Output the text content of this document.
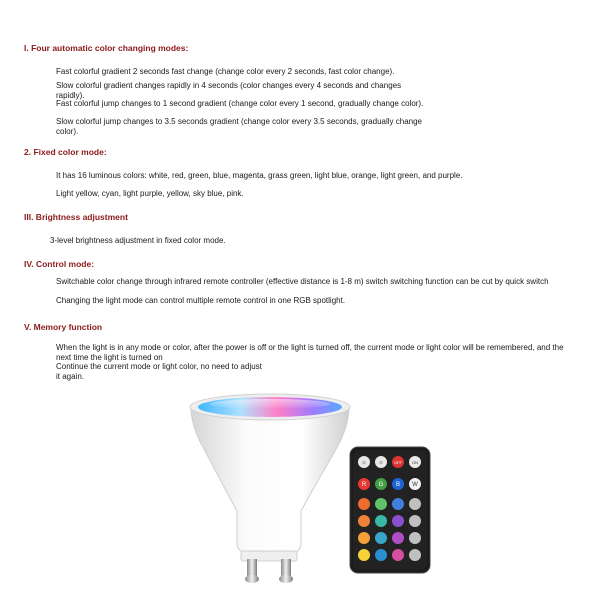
I. Four automatic color changing modes:
Fast colorful gradient 2 seconds fast change (change color every 2 seconds, fast color change).
Slow colorful gradient changes rapidly in 4 seconds (color changes every 4 seconds and changes rapidly).
Fast colorful jump changes to 1 second gradient (change color every 1 second, gradually change color).
Slow colorful jump changes to 3.5 seconds gradient (change color every 3.5 seconds, gradually change color).
2. Fixed color mode:
It has 16 luminous colors: white, red, green, blue, magenta, grass green, light blue, orange, light green, and purple.
Light yellow, cyan, light purple, yellow, sky blue, pink.
III. Brightness adjustment
3-level brightness adjustment in fixed color mode.
IV. Control mode:
Switchable color change through infrared remote controller (effective distance is 1-8 m) switch switching function can be cut by quick switch
Changing the light mode can control multiple remote control in one RGB spotlight.
V. Memory function
When the light is in any mode or color, after the power is off or the light is turned off, the current mode or light color will be remembered, and the next time the light is turned on
Continue the current mode or light color, no need to adjust it again.
☼ ☼	OFF	ON
R G B W
